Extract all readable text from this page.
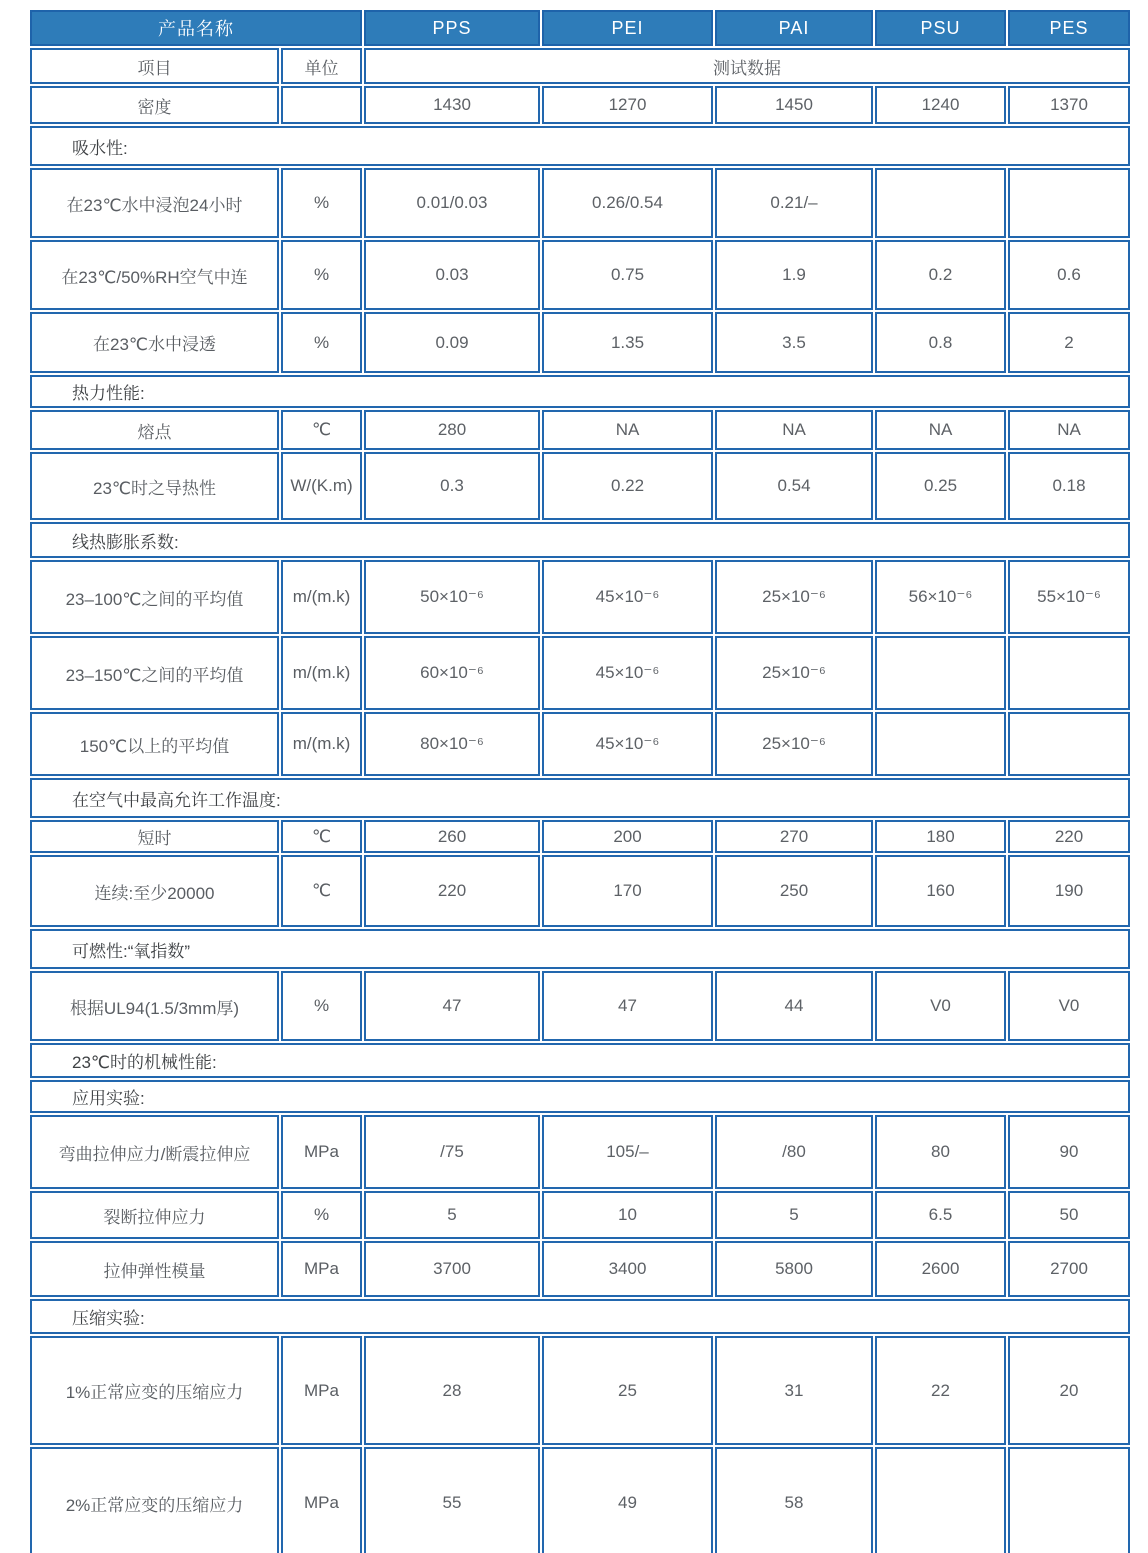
产品名称		PPS	PEI	PAI	PSU	PES
项目	单位	测试数据				
密度		1430	1270	1450	1240	1370
吸水性:						
在23℃水中浸泡24小时	%	0.01/0.03	0.26/0.54	0.21/–		
在23℃/50%RH空气中连	%	0.03	0.75	1.9	0.2	0.6
在23℃水中浸透	%	0.09	1.35	3.5	0.8	2
热力性能:						
熔点	℃	280	NA	NA	NA	NA
23℃时之导热性	W/(K.m)	0.3	0.22	0.54	0.25	0.18
线热膨胀系数:						
23–100℃之间的平均值	m/(m.k)	50×10⁻⁶	45×10⁻⁶	25×10⁻⁶	56×10⁻⁶	55×10⁻⁶
23–150℃之间的平均值	m/(m.k)	60×10⁻⁶	45×10⁻⁶	25×10⁻⁶		
150℃以上的平均值	m/(m.k)	80×10⁻⁶	45×10⁻⁶	25×10⁻⁶		
在空气中最高允许工作温度:						
短时	℃	260	200	270	180	220
连续:至少20000	℃	220	170	250	160	190
可燃性:“氧指数”						
根据UL94(1.5/3mm厚)	%	47	47	44	V0	V0
23℃时的机械性能:						
应用实验:						
弯曲拉伸应力/断震拉伸应	MPa	/75	105/–	/80	80	90
裂断拉伸应力	%	5	10	5	6.5	50
拉伸弹性模量	MPa	3700	3400	5800	2600	2700
压缩实验:						
1%正常应变的压缩应力	MPa	28	25	31	22	20
2%正常应变的压缩应力	MPa	55	49	58		
